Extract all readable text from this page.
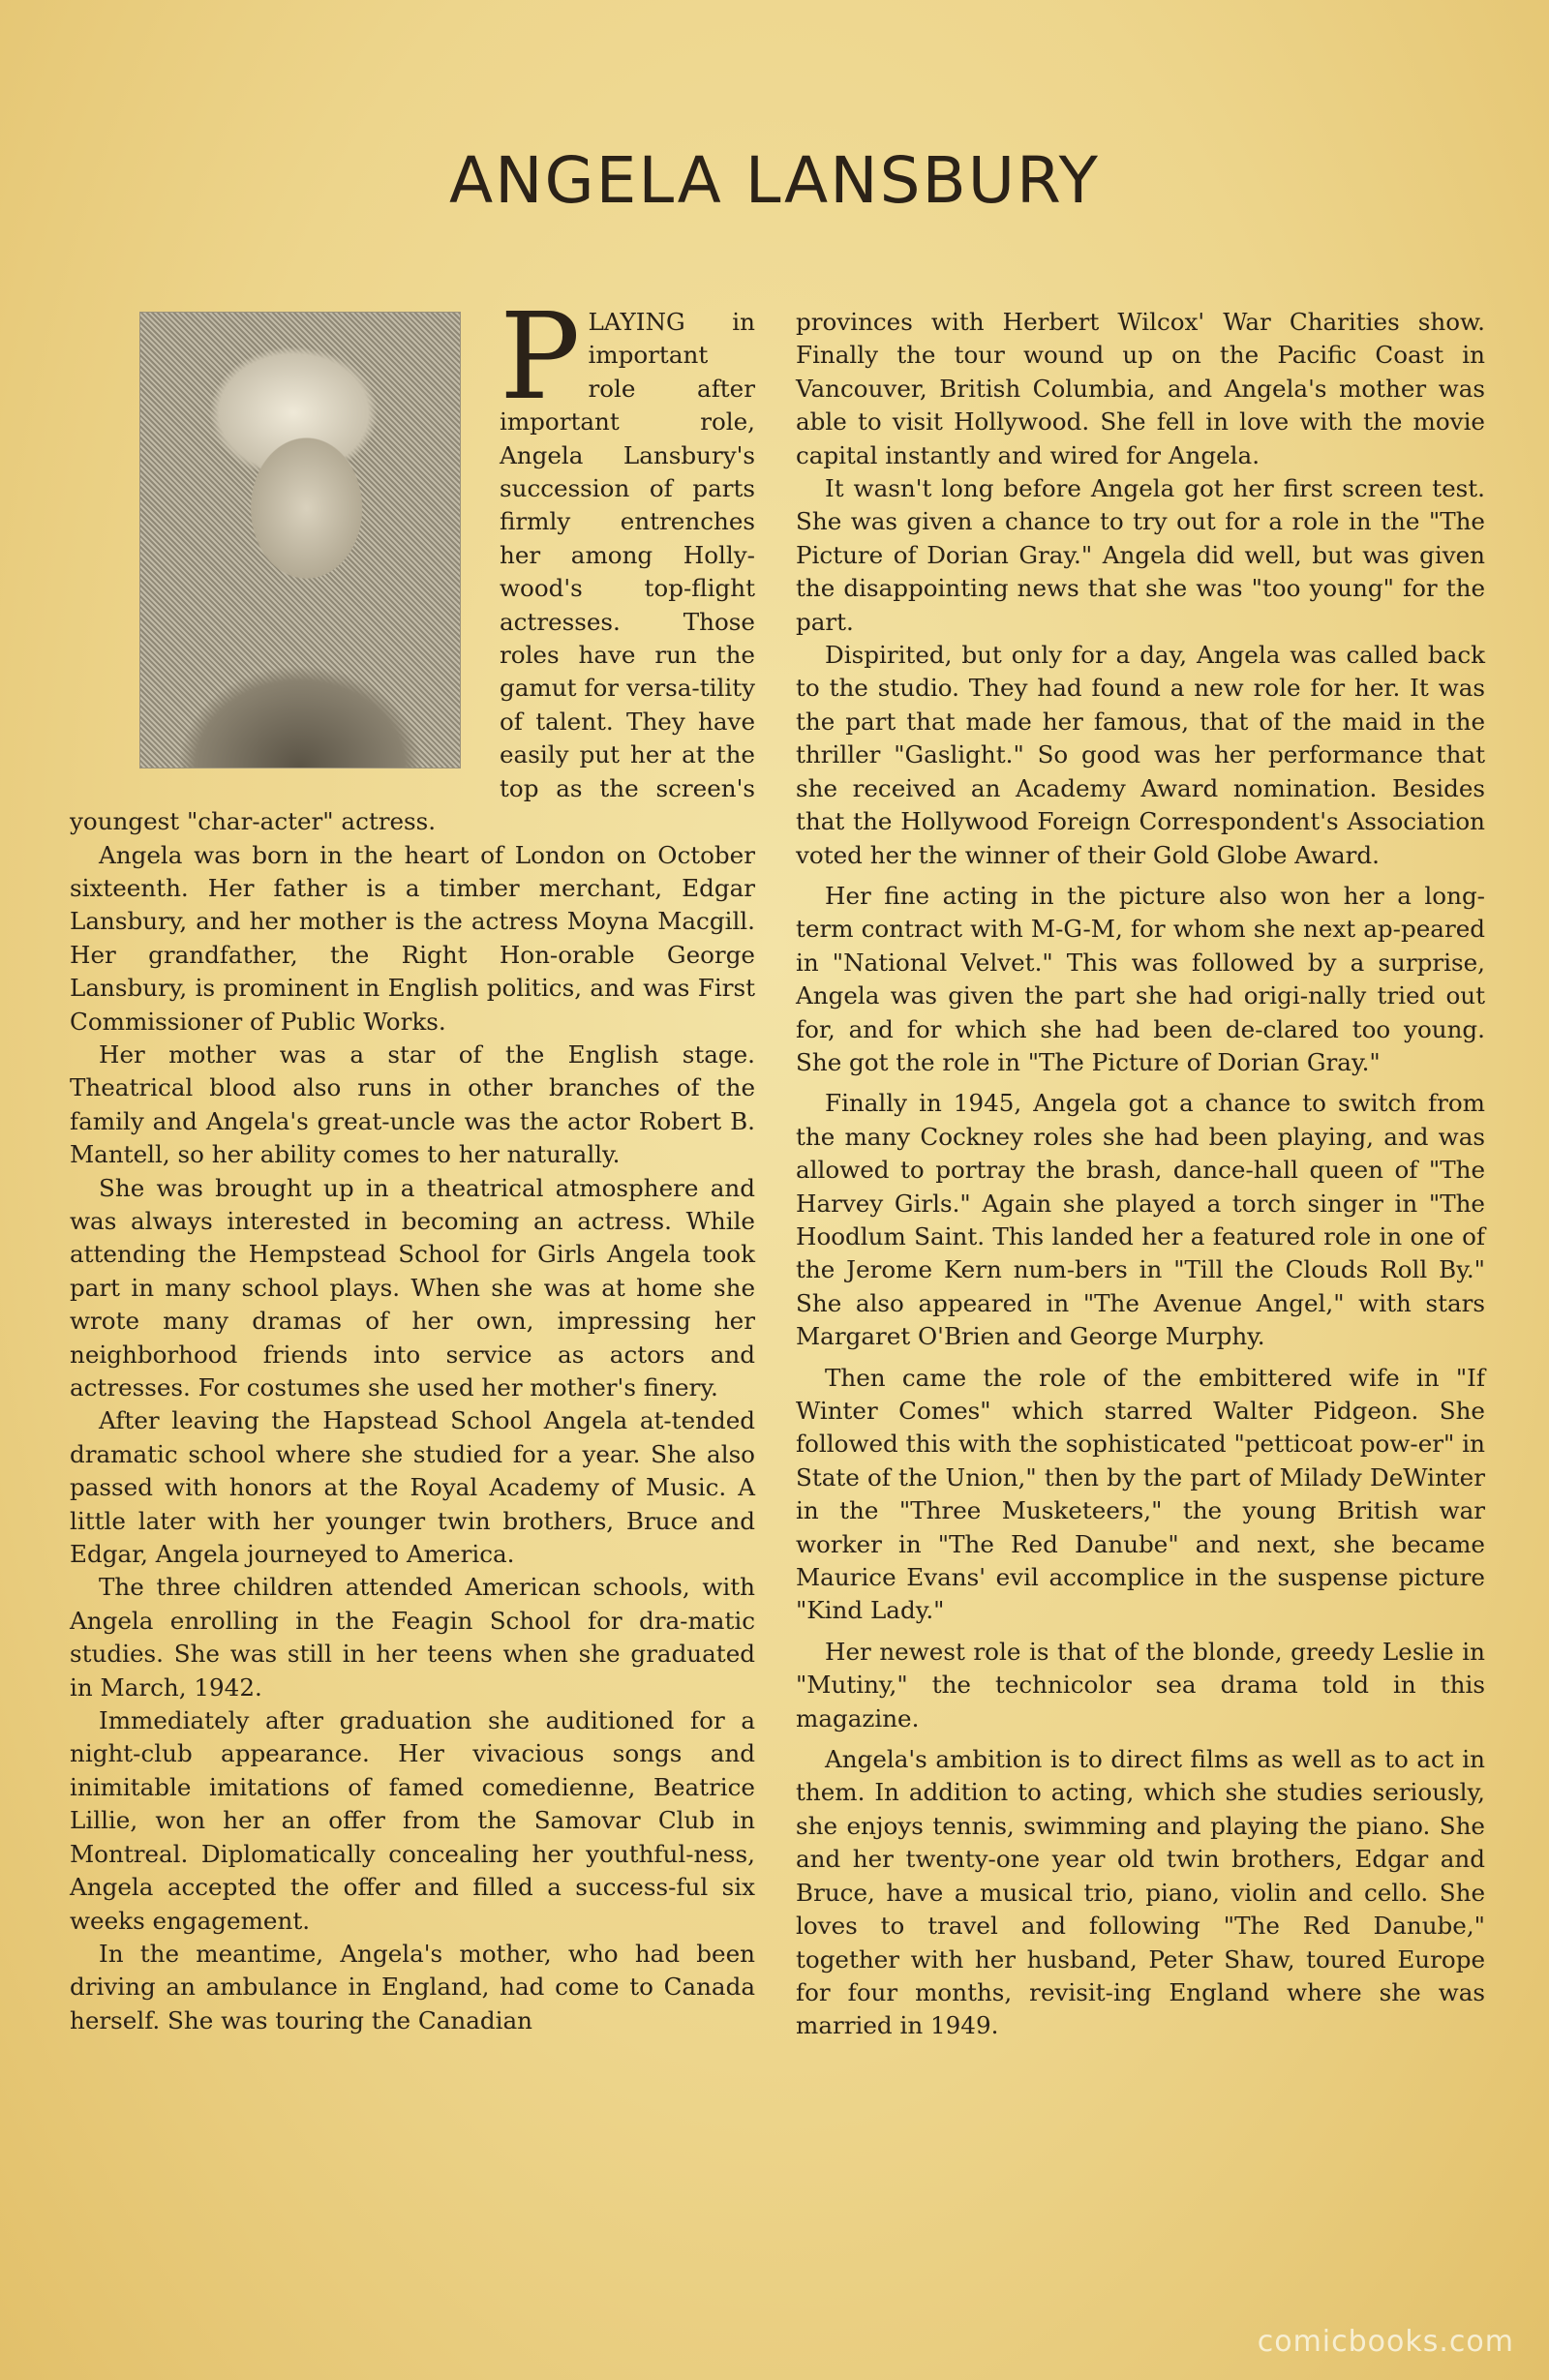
ANGELA LANSBURY

PLAYING in important role after important role, Angela Lansbury's succession of parts firmly entrenches her among Holly-wood's top-flight actresses. Those roles have run the gamut for versa-tility of talent. They have easily put her at the top as the screen's youngest "char-acter" actress.

Angela was born in the heart of London on October sixteenth. Her father is a timber merchant, Edgar Lansbury, and her mother is the actress Moyna Macgill. Her grandfather, the Right Hon-orable George Lansbury, is prominent in English politics, and was First Commissioner of Public Works.

Her mother was a star of the English stage. Theatrical blood also runs in other branches of the family and Angela's great-uncle was the actor Robert B. Mantell, so her ability comes to her naturally.

She was brought up in a theatrical atmosphere and was always interested in becoming an actress. While attending the Hempstead School for Girls Angela took part in many school plays. When she was at home she wrote many dramas of her own, impressing her neighborhood friends into service as actors and actresses. For costumes she used her mother's finery.

After leaving the Hapstead School Angela at-tended dramatic school where she studied for a year. She also passed with honors at the Royal Academy of Music. A little later with her younger twin brothers, Bruce and Edgar, Angela journeyed to America.

The three children attended American schools, with Angela enrolling in the Feagin School for dra-matic studies. She was still in her teens when she graduated in March, 1942.

Immediately after graduation she auditioned for a night-club appearance. Her vivacious songs and inimitable imitations of famed comedienne, Beatrice Lillie, won her an offer from the Samovar Club in Montreal. Diplomatically concealing her youthful-ness, Angela accepted the offer and filled a success-ful six weeks engagement.

In the meantime, Angela's mother, who had been driving an ambulance in England, had come to Canada herself. She was touring the Canadian

provinces with Herbert Wilcox' War Charities show. Finally the tour wound up on the Pacific Coast in Vancouver, British Columbia, and Angela's mother was able to visit Hollywood. She fell in love with the movie capital instantly and wired for Angela.

It wasn't long before Angela got her first screen test. She was given a chance to try out for a role in the "The Picture of Dorian Gray." Angela did well, but was given the disappointing news that she was "too young" for the part.

Dispirited, but only for a day, Angela was called back to the studio. They had found a new role for her. It was the part that made her famous, that of the maid in the thriller "Gaslight." So good was her performance that she received an Academy Award nomination. Besides that the Hollywood Foreign Correspondent's Association voted her the winner of their Gold Globe Award.

Her fine acting in the picture also won her a long-term contract with M-G-M, for whom she next ap-peared in "National Velvet." This was followed by a surprise, Angela was given the part she had origi-nally tried out for, and for which she had been de-clared too young. She got the role in "The Picture of Dorian Gray."

Finally in 1945, Angela got a chance to switch from the many Cockney roles she had been playing, and was allowed to portray the brash, dance-hall queen of "The Harvey Girls." Again she played a torch singer in "The Hoodlum Saint. This landed her a featured role in one of the Jerome Kern num-bers in "Till the Clouds Roll By." She also appeared in "The Avenue Angel," with stars Margaret O'Brien and George Murphy.

Then came the role of the embittered wife in "If Winter Comes" which starred Walter Pidgeon. She followed this with the sophisticated "petticoat pow-er" in State of the Union," then by the part of Milady DeWinter in the "Three Musketeers," the young British war worker in "The Red Danube" and next, she became Maurice Evans' evil accomplice in the suspense picture "Kind Lady."

Her newest role is that of the blonde, greedy Leslie in "Mutiny," the technicolor sea drama told in this magazine.

Angela's ambition is to direct films as well as to act in them. In addition to acting, which she studies seriously, she enjoys tennis, swimming and playing the piano. She and her twenty-one year old twin brothers, Edgar and Bruce, have a musical trio, piano, violin and cello. She loves to travel and following "The Red Danube," together with her husband, Peter Shaw, toured Europe for four months, revisit-ing England where she was married in 1949.

comicbooks.com
